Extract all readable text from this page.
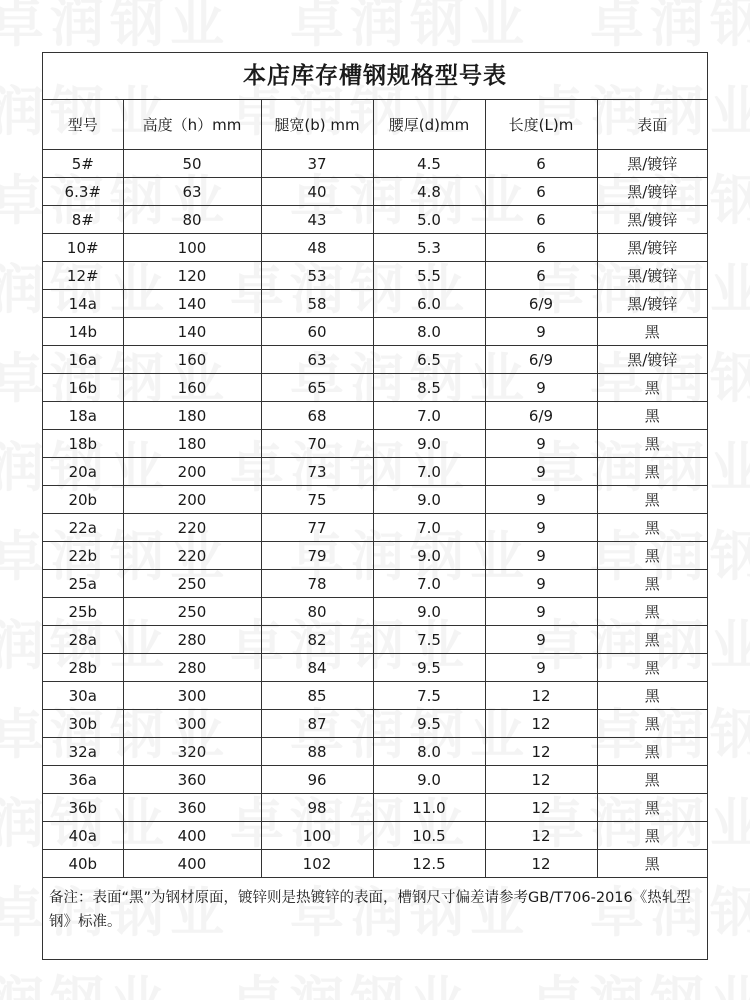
本店库存槽钢规格型号表
型号	高度（h）mm	腿宽(b) mm	腰厚(d)mm	长度(L)m	表面
5#	50	37	4.5	6	黑/镀锌
6.3#	63	40	4.8	6	黑/镀锌
8#	80	43	5.0	6	黑/镀锌
10#	100	48	5.3	6	黑/镀锌
12#	120	53	5.5	6	黑/镀锌
14a	140	58	6.0	6/9	黑/镀锌
14b	140	60	8.0	9	黑
16a	160	63	6.5	6/9	黑/镀锌
16b	160	65	8.5	9	黑
18a	180	68	7.0	6/9	黑
18b	180	70	9.0	9	黑
20a	200	73	7.0	9	黑
20b	200	75	9.0	9	黑
22a	220	77	7.0	9	黑
22b	220	79	9.0	9	黑
25a	250	78	7.0	9	黑
25b	250	80	9.0	9	黑
28a	280	82	7.5	9	黑
28b	280	84	9.5	9	黑
30a	300	85	7.5	12	黑
30b	300	87	9.5	12	黑
32a	320	88	8.0	12	黑
36a	360	96	9.0	12	黑
36b	360	98	11.0	12	黑
40a	400	100	10.5	12	黑
40b	400	102	12.5	12	黑
备注：表面“黑”为钢材原面，镀锌则是热镀锌的表面，槽钢尺寸偏差请参考GB/T706-2016《热轧型钢》标准。
